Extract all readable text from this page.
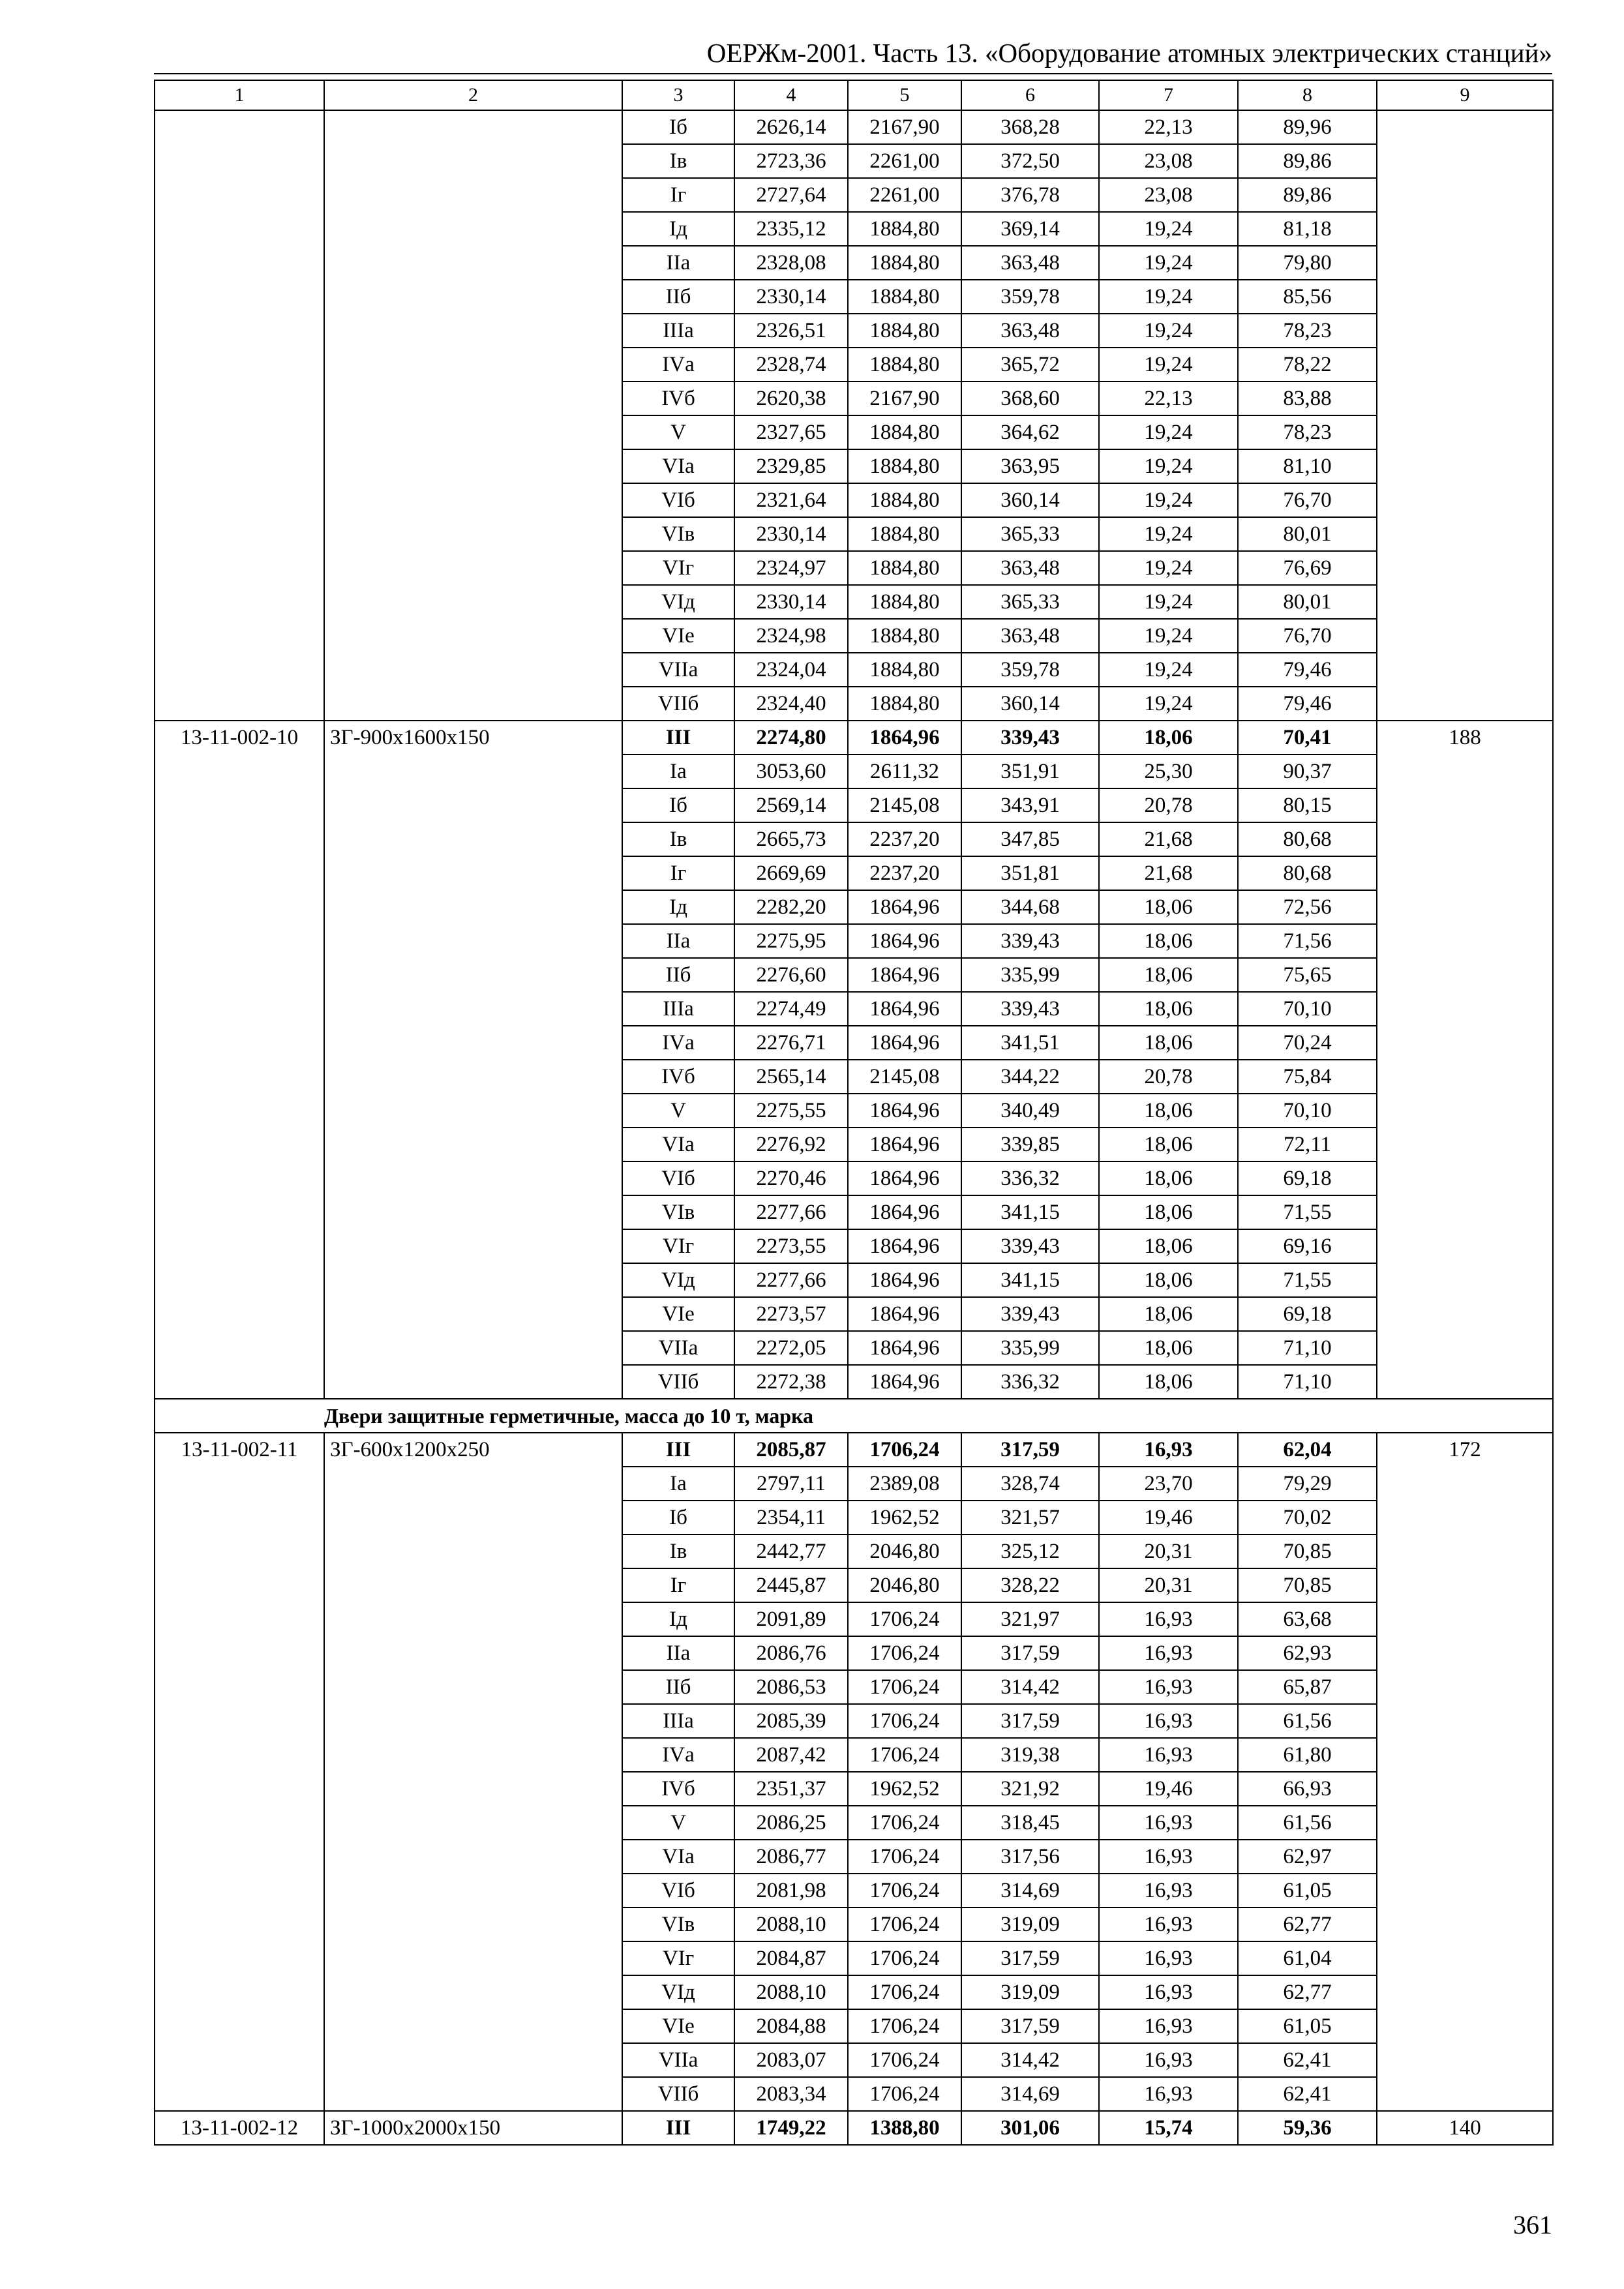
ОЕРЖм-2001. Часть 13. «Оборудование атомных электрических станций»
1	2	3	4	5	6	7	8	9
		Iб	2626,14	2167,90	368,28	22,13	89,96	
		Iв	2723,36	2261,00	372,50	23,08	89,86	
		Iг	2727,64	2261,00	376,78	23,08	89,86	
		Iд	2335,12	1884,80	369,14	19,24	81,18	
		IIа	2328,08	1884,80	363,48	19,24	79,80	
		IIб	2330,14	1884,80	359,78	19,24	85,56	
		IIIа	2326,51	1884,80	363,48	19,24	78,23	
		IVа	2328,74	1884,80	365,72	19,24	78,22	
		IVб	2620,38	2167,90	368,60	22,13	83,88	
		V	2327,65	1884,80	364,62	19,24	78,23	
		VIа	2329,85	1884,80	363,95	19,24	81,10	
		VIб	2321,64	1884,80	360,14	19,24	76,70	
		VIв	2330,14	1884,80	365,33	19,24	80,01	
		VIг	2324,97	1884,80	363,48	19,24	76,69	
		VIд	2330,14	1884,80	365,33	19,24	80,01	
		VIе	2324,98	1884,80	363,48	19,24	76,70	
		VIIа	2324,04	1884,80	359,78	19,24	79,46	
		VIIб	2324,40	1884,80	360,14	19,24	79,46	
13-11-002-10	ЗГ-900х1600х150	III	2274,80	1864,96	339,43	18,06	70,41	188
		Iа	3053,60	2611,32	351,91	25,30	90,37	
		Iб	2569,14	2145,08	343,91	20,78	80,15	
		Iв	2665,73	2237,20	347,85	21,68	80,68	
		Iг	2669,69	2237,20	351,81	21,68	80,68	
		Iд	2282,20	1864,96	344,68	18,06	72,56	
		IIа	2275,95	1864,96	339,43	18,06	71,56	
		IIб	2276,60	1864,96	335,99	18,06	75,65	
		IIIа	2274,49	1864,96	339,43	18,06	70,10	
		IVа	2276,71	1864,96	341,51	18,06	70,24	
		IVб	2565,14	2145,08	344,22	20,78	75,84	
		V	2275,55	1864,96	340,49	18,06	70,10	
		VIа	2276,92	1864,96	339,85	18,06	72,11	
		VIб	2270,46	1864,96	336,32	18,06	69,18	
		VIв	2277,66	1864,96	341,15	18,06	71,55	
		VIг	2273,55	1864,96	339,43	18,06	69,16	
		VIд	2277,66	1864,96	341,15	18,06	71,55	
		VIе	2273,57	1864,96	339,43	18,06	69,18	
		VIIа	2272,05	1864,96	335,99	18,06	71,10	
		VIIб	2272,38	1864,96	336,32	18,06	71,10	
	Двери защитные герметичные, масса до 10 т, марка							
13-11-002-11	ЗГ-600х1200х250	III	2085,87	1706,24	317,59	16,93	62,04	172
		Iа	2797,11	2389,08	328,74	23,70	79,29	
		Iб	2354,11	1962,52	321,57	19,46	70,02	
		Iв	2442,77	2046,80	325,12	20,31	70,85	
		Iг	2445,87	2046,80	328,22	20,31	70,85	
		Iд	2091,89	1706,24	321,97	16,93	63,68	
		IIа	2086,76	1706,24	317,59	16,93	62,93	
		IIб	2086,53	1706,24	314,42	16,93	65,87	
		IIIа	2085,39	1706,24	317,59	16,93	61,56	
		IVа	2087,42	1706,24	319,38	16,93	61,80	
		IVб	2351,37	1962,52	321,92	19,46	66,93	
		V	2086,25	1706,24	318,45	16,93	61,56	
		VIа	2086,77	1706,24	317,56	16,93	62,97	
		VIб	2081,98	1706,24	314,69	16,93	61,05	
		VIв	2088,10	1706,24	319,09	16,93	62,77	
		VIг	2084,87	1706,24	317,59	16,93	61,04	
		VIд	2088,10	1706,24	319,09	16,93	62,77	
		VIе	2084,88	1706,24	317,59	16,93	61,05	
		VIIа	2083,07	1706,24	314,42	16,93	62,41	
		VIIб	2083,34	1706,24	314,69	16,93	62,41	
13-11-002-12	ЗГ-1000х2000х150	III	1749,22	1388,80	301,06	15,74	59,36	140
361
